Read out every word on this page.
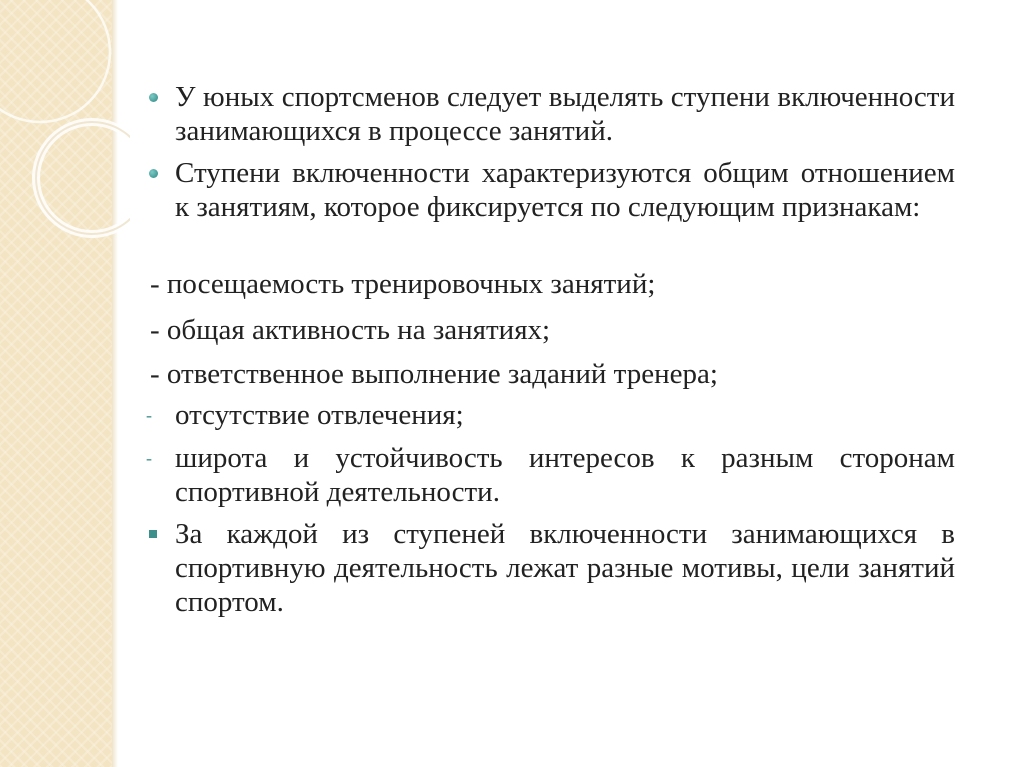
У юных спортсменов следует выделять ступени включенности занимающихся в процессе занятий.
Ступени включенности характеризуются общим отношением к занятиям, которое фиксируется по следующим признакам:
- посещаемость тренировочных занятий;
- общая активность на занятиях;
- ответственное выполнение заданий тренера;
- отсутствие отвлечения;
- широта и устойчивость интересов к разным сторонам спортивной деятельности.
За каждой из ступеней включенности занимающихся в спортивную деятельность лежат разные мотивы, цели занятий спортом.
